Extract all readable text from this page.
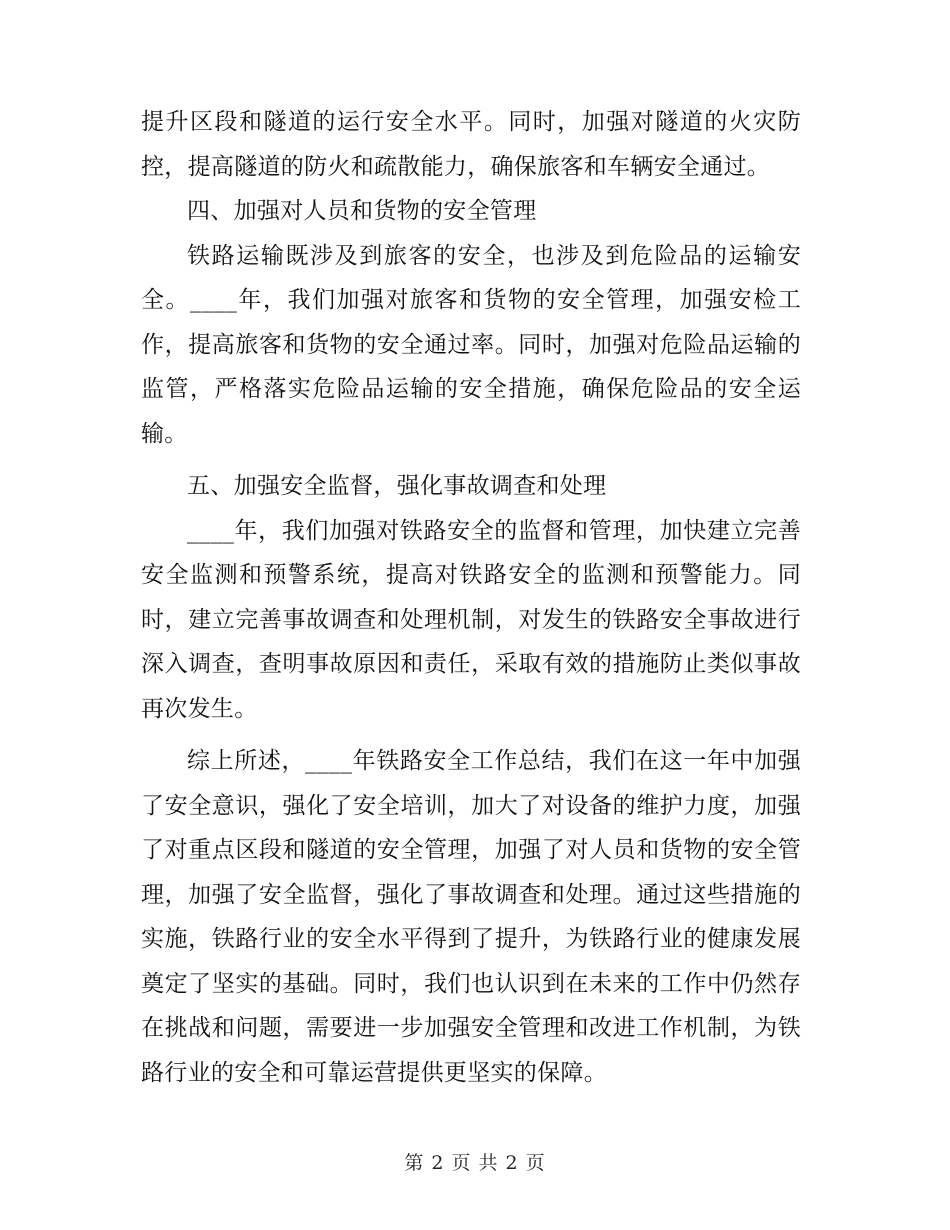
提升区段和隧道的运行安全水平。同时，加强对隧道的火灾防控，提高隧道的防火和疏散能力，确保旅客和车辆安全通过。

四、加强对人员和货物的安全管理

铁路运输既涉及到旅客的安全，也涉及到危险品的运输安全。____年，我们加强对旅客和货物的安全管理，加强安检工作，提高旅客和货物的安全通过率。同时，加强对危险品运输的监管，严格落实危险品运输的安全措施，确保危险品的安全运输。

五、加强安全监督，强化事故调查和处理

____年，我们加强对铁路安全的监督和管理，加快建立完善安全监测和预警系统，提高对铁路安全的监测和预警能力。同时，建立完善事故调查和处理机制，对发生的铁路安全事故进行深入调查，查明事故原因和责任，采取有效的措施防止类似事故再次发生。

综上所述，____年铁路安全工作总结，我们在这一年中加强了安全意识，强化了安全培训，加大了对设备的维护力度，加强了对重点区段和隧道的安全管理，加强了对人员和货物的安全管理，加强了安全监督，强化了事故调查和处理。通过这些措施的实施，铁路行业的安全水平得到了提升，为铁路行业的健康发展奠定了坚实的基础。同时，我们也认识到在未来的工作中仍然存在挑战和问题，需要进一步加强安全管理和改进工作机制，为铁路行业的安全和可靠运营提供更坚实的保障。

第 2 页 共 2 页
